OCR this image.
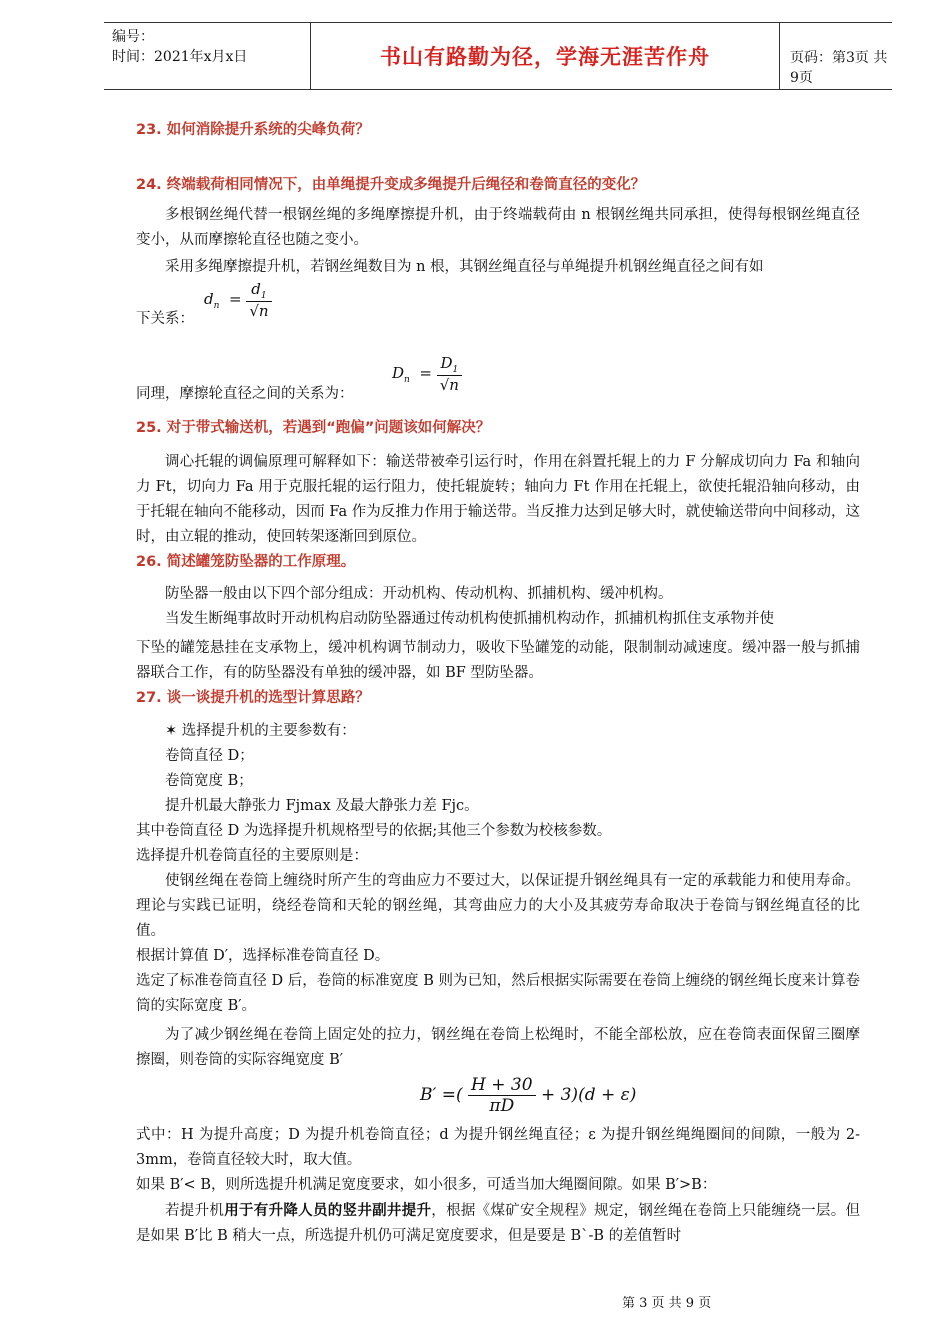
编号：
时间：2021年x月x日	书山有路勤为径，学海无涯苦作舟	页码：第3页 共9页

23. 如何消除提升系统的尖峰负荷？

24. 终端载荷相同情况下，由单绳提升变成多绳提升后绳径和卷筒直径的变化？

多根钢丝绳代替一根钢丝绳的多绳摩擦提升机，由于终端载荷由 n 根钢丝绳共同承担，使得每根钢丝绳直径变小，从而摩擦轮直径也随之变小。

采用多绳摩擦提升机，若钢丝绳数目为 n 根，其钢丝绳直径与单绳提升机钢丝绳直径之间有如

$d_n = \frac{d_1}{√n}$

下关系：

$D_n = \frac{D_1}{√n}$

同理，摩擦轮直径之间的关系为：

25. 对于带式输送机，若遇到“跑偏”问题该如何解决？

调心托辊的调偏原理可解释如下：输送带被牵引运行时，作用在斜置托辊上的力 F 分解成切向力 Fa 和轴向力 Ft，切向力 Fa 用于克服托辊的运行阻力，使托辊旋转；轴向力 Ft 作用在托辊上，欲使托辊沿轴向移动，由于托辊在轴向不能移动，因而 Fa 作为反推力作用于输送带。当反推力达到足够大时，就使输送带向中间移动，这时，由立辊的推动，使回转架逐渐回到原位。

26. 简述罐笼防坠器的工作原理。

防坠器一般由以下四个部分组成：开动机构、传动机构、抓捕机构、缓冲机构。

当发生断绳事故时开动机构启动防坠器通过传动机构使抓捕机构动作，抓捕机构抓住支承物并使

下坠的罐笼悬挂在支承物上，缓冲机构调节制动力，吸收下坠罐笼的动能，限制制动减速度。缓冲器一般与抓捕器联合工作，有的防坠器没有单独的缓冲器，如 BF 型防坠器。

27. 谈一谈提升机的选型计算思路？

✶ 选择提升机的主要参数有：

卷筒直径 D；

卷筒宽度 B；

提升机最大静张力 Fjmax 及最大静张力差 Fjc。

其中卷筒直径 D 为选择提升机规格型号的依据;其他三个参数为校核参数。

选择提升机卷筒直径的主要原则是：

使钢丝绳在卷筒上缠绕时所产生的弯曲应力不要过大，以保证提升钢丝绳具有一定的承载能力和使用寿命。理论与实践已证明，绕经卷筒和天轮的钢丝绳，其弯曲应力的大小及其疲劳寿命取决于卷筒与钢丝绳直径的比值。

根据计算值 D′，选择标准卷筒直径 D。

选定了标准卷筒直径 D 后，卷筒的标准宽度 B 则为已知，然后根据实际需要在卷筒上缠绕的钢丝绳长度来计算卷筒的实际宽度 B′。

为了减少钢丝绳在卷筒上固定处的拉力，钢丝绳在卷筒上松绳时，不能全部松放，应在卷筒表面保留三圈摩擦圈，则卷筒的实际容绳宽度 B′

B′ =( $\frac{H + 30}{\pi D} + 3)(d + \varepsilon)$

式中：H 为提升高度；D 为提升机卷筒直径；d 为提升钢丝绳直径；ε 为提升钢丝绳绳圈间的间隙，一般为 2-3mm，卷筒直径较大时，取大值。

如果 B′< B，则所选提升机满足宽度要求，如小很多，可适当加大绳圈间隙。如果 B′>B：

若提升机用于有升降人员的竖井副井提升，根据《煤矿安全规程》规定，钢丝绳在卷筒上只能缠绕一层。但是如果 B′比 B 稍大一点，所选提升机仍可满足宽度要求，但是要是 B`-B 的差值暂时

第 3 页 共 9 页
